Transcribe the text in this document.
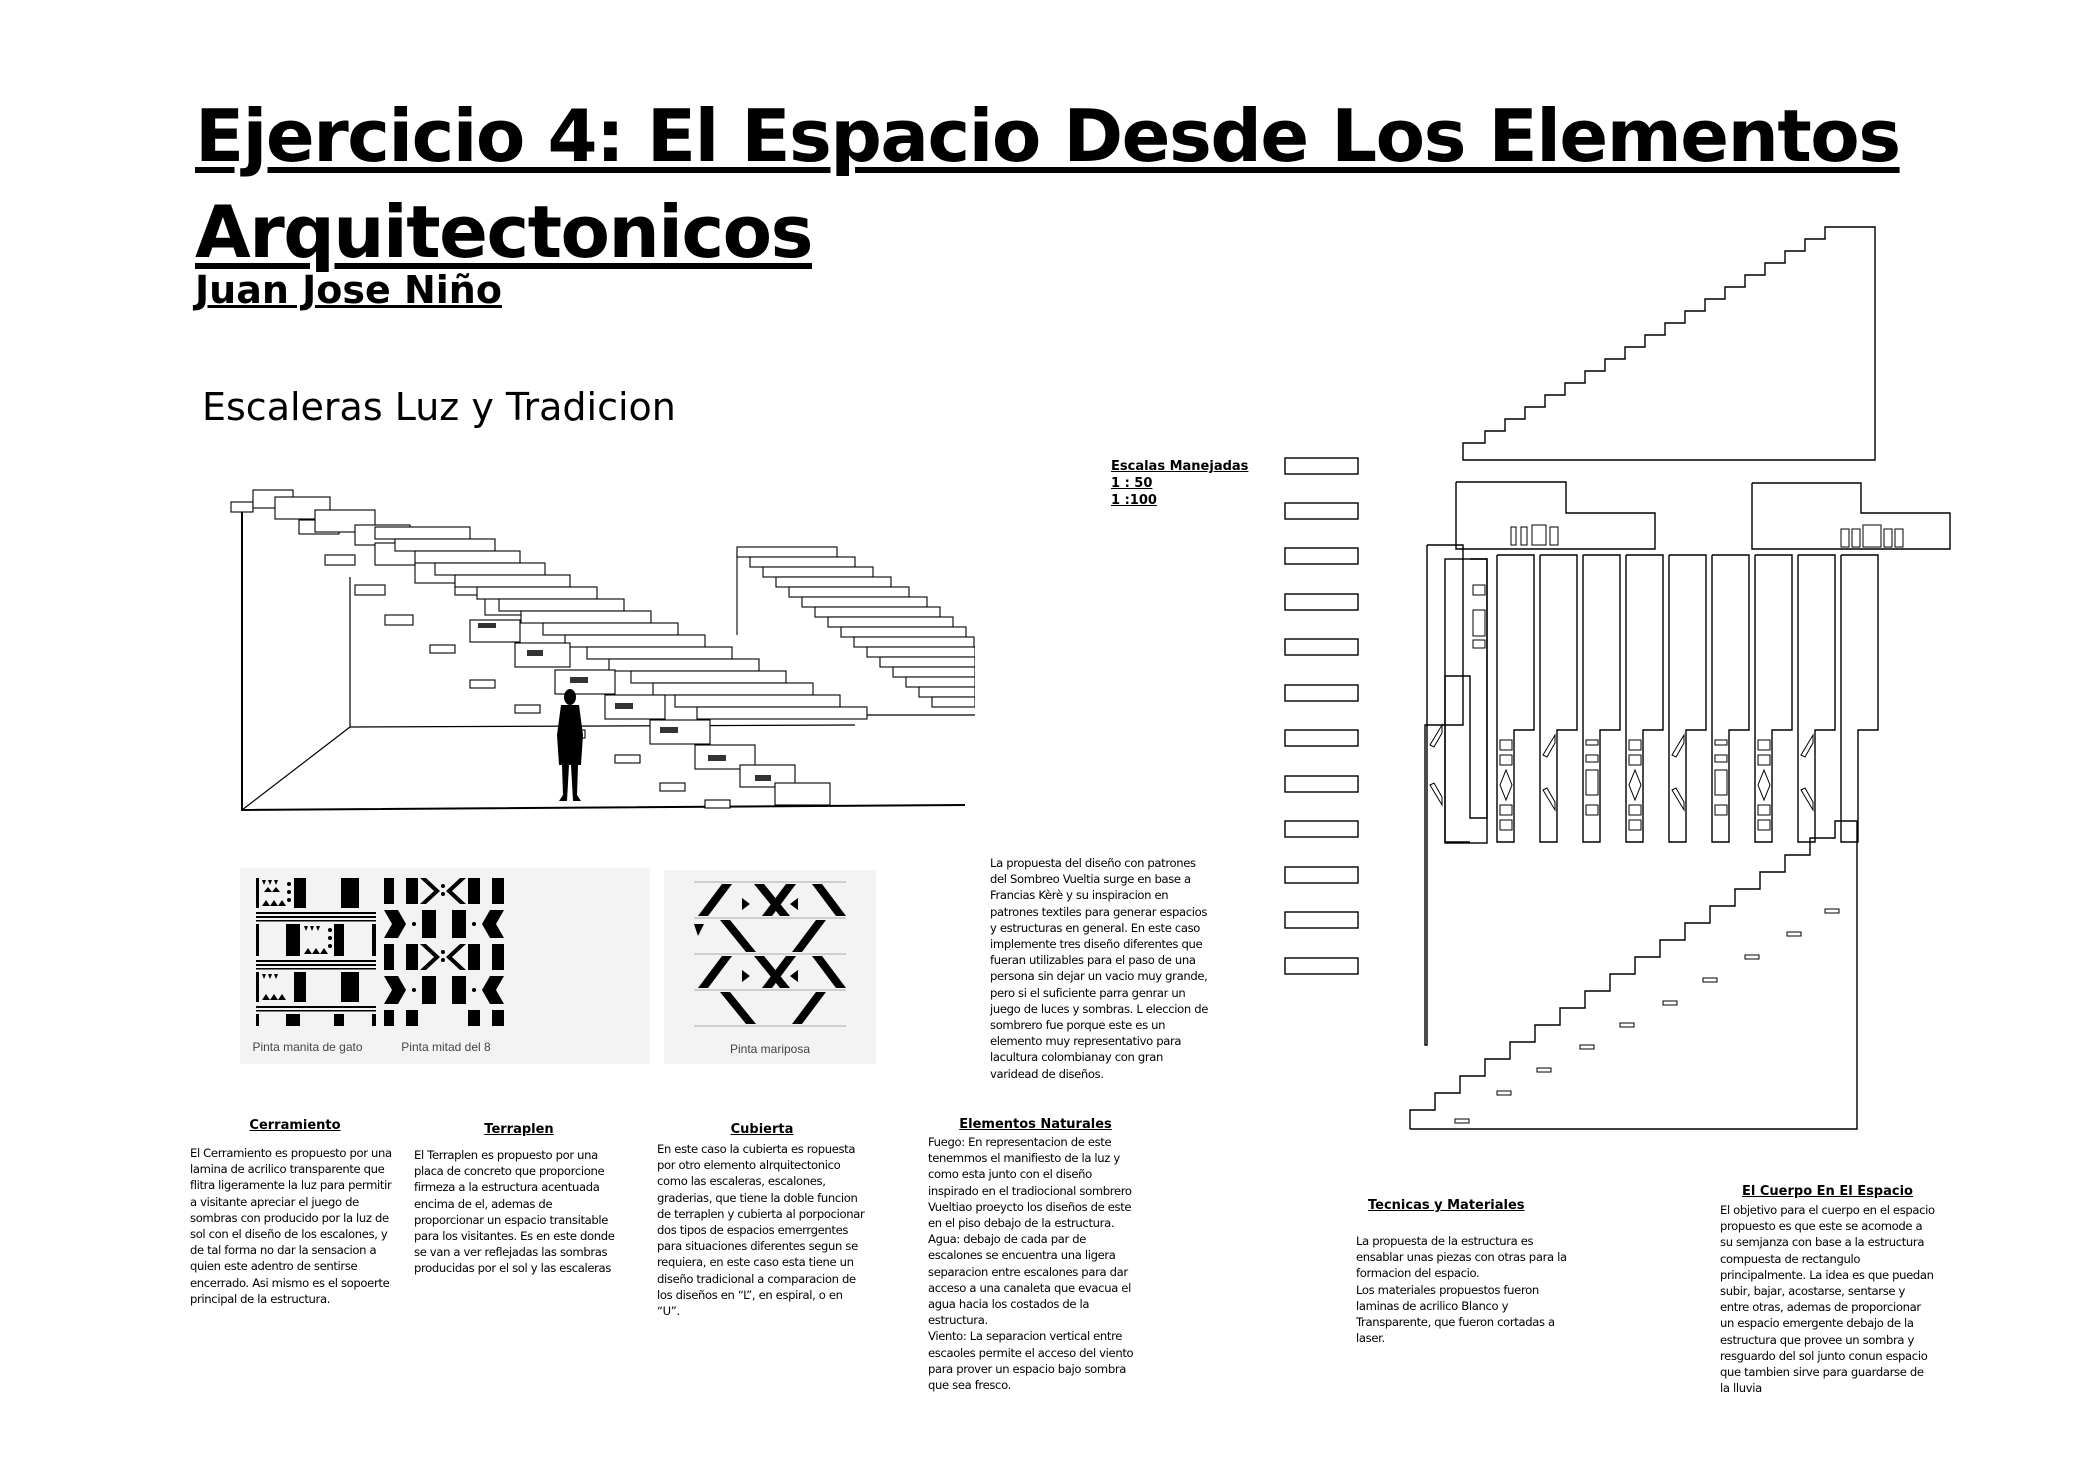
Ejercicio 4: El Espacio Desde Los Elementos
Arquitectonicos
Juan Jose Niño
Escaleras Luz y Tradicion
Escalas Manejadas
1 : 50
1 :100
Pinta manita de gato	Pinta mitad del 8	Pinta mariposa

La propuesta del diseño con patrones del Sombreo Vueltia surge en base a Francias Kèrè y su inspiracion en patrones textiles para generar espacios y estructuras en general. En este caso implemente tres diseño diferentes que fueran utilizables para el paso de una persona sin dejar un vacio muy grande, pero si el suficiente parra genrar un juego de luces y sombras. L eleccion de sombrero fue porque este es un elemento muy representativo para lacultura colombianay con gran varidead de diseños.

Cerramiento

El Cerramiento es propuesto por una lamina de acrilico transparente que flitra ligeramente la luz para permitir a visitante apreciar el juego de sombras con producido por la luz de sol con el diseño de los escalones, y de tal forma no dar la sensacion a quien este adentro de sentirse encerrado. Asi mismo es el sopoerte principal de la estructura.

Terraplen

El Terraplen es propuesto por una placa de concreto que proporcione firmeza a la estructura acentuada encima de el, ademas de proporcionar un espacio transitable para los visitantes. Es en este donde se van a ver reflejadas las sombras producidas por el sol y las escaleras

Cubierta

En este caso la cubierta es ropuesta por otro elemento alrquitectonico como las escaleras, escalones, graderias, que tiene la doble funcion de terraplen y cubierta al porpocionar dos tipos de espacios emerrgentes para situaciones diferentes segun se requiera, en este caso esta tiene un diseño tradicional a comparacion de los diseños en “L”, en espiral, o en “U”.

Elementos Naturales

Fuego: En representacion de este tenemmos el manifiesto de la luz y como esta junto con el diseño inspirado en el tradiocional sombrero Vueltiao proeycto los diseños de este en el piso debajo de la estructura.

Agua: debajo de cada par de escalones se encuentra una ligera separacion entre escalones para dar acceso a una canaleta que evacua el agua hacia los costados de la estructura.

Viento: La separacion vertical entre escaoles permite el acceso del viento para prover un espacio bajo sombra que sea fresco.

Tecnicas y Materiales

La propuesta de la estructura es ensablar unas piezas con otras para la formacion del espacio.

Los materiales propuestos fueron laminas de acrilico Blanco y Transparente, que fueron cortadas a laser.

El Cuerpo En El Espacio

El objetivo para el cuerpo en el espacio propuesto es que este se acomode a su semjanza con base a la estructura compuesta de rectangulo principalmente. La idea es que puedan subir, bajar, acostarse, sentarse y entre otras, ademas de proporcionar un espacio emergente debajo de la estructura que provee un sombra y resguardo del sol junto conun espacio que tambien sirve para guardarse de la lluvia
